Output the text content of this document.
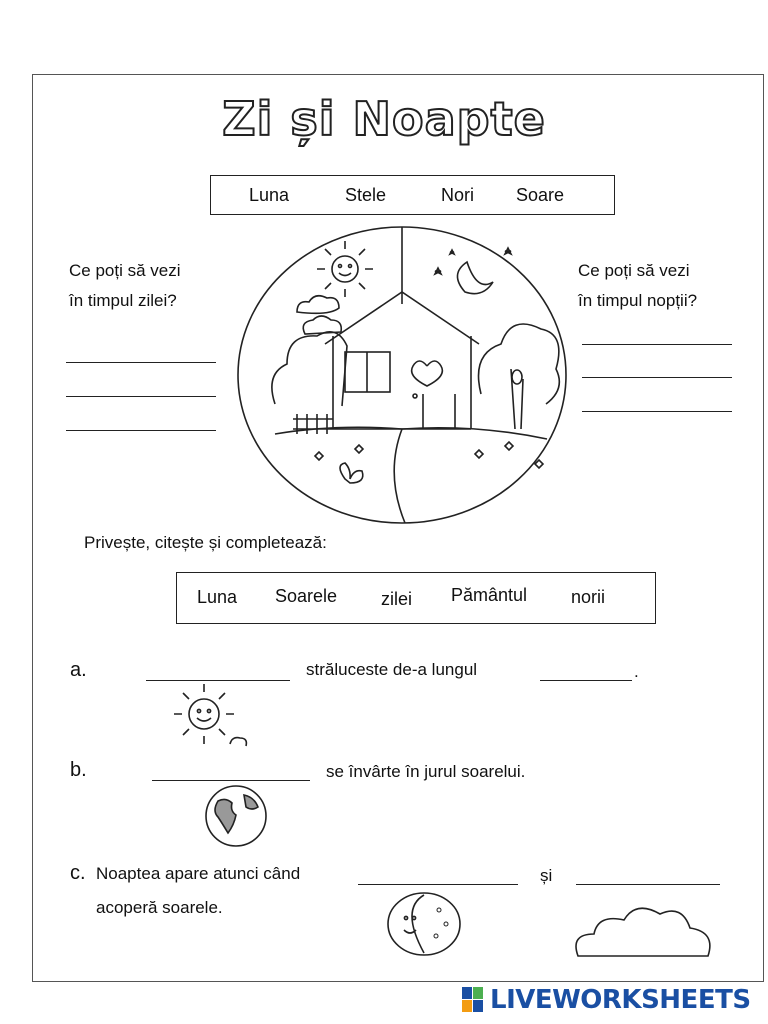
Zi și Noapte
Luna	Stele	Nori Soare
Ce poți să vezi
în timpul zilei?
Ce poți să vezi
în timpul nopții?
Privește, citește și completează:
Luna Soarele zilei Pământul norii
a.	străluceste de-a lungul	.
b.	se învârte în jurul soarelui.
c. Noaptea apare atunci când	și
acoperă soarele.
LIVEWORKSHEETS
